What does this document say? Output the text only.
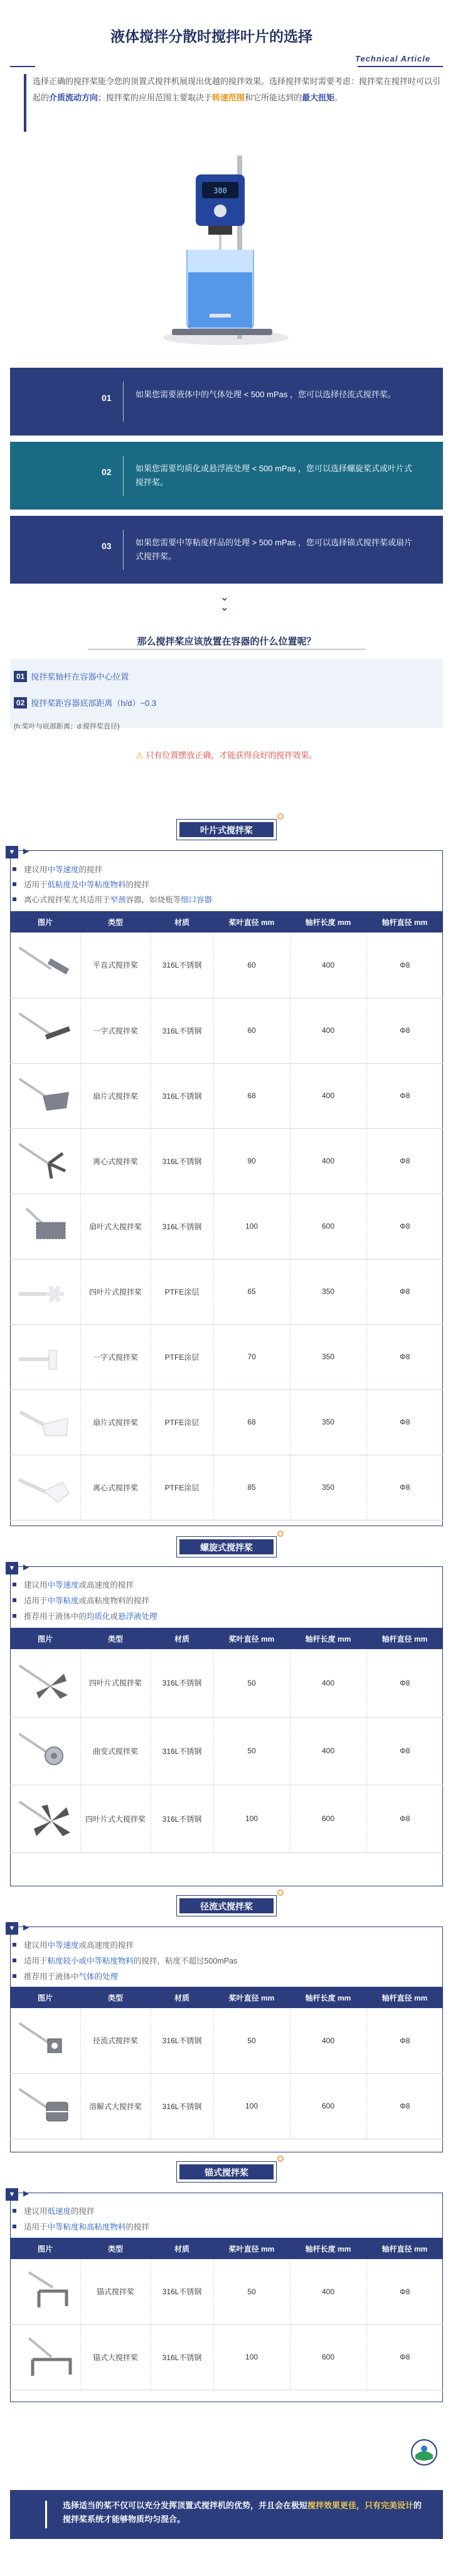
液体搅拌分散时搅拌叶片的选择
Technical Article
选择正确的搅拌桨能令您的顶置式搅拌机展现出优越的搅拌效果。选择搅拌桨时需要考虑：搅拌桨在搅拌时可以引起的介质流动方向；搅拌桨的应用范围主要取决于转速范围和它所能达到的最大扭矩。
300
01	如果您需要液体中的气体处理 < 500 mPas ，您可以选择径流式搅拌桨。
02	如果您需要均质化或悬浮液处理 < 500 mPas ，您可以选择螺旋桨式或叶片式搅拌桨。
03	如果您需要中等粘度样品的处理 > 500 mPas ，您可以选择锚式搅拌桨或扇片式搅拌桨。
⌄
⌄
那么搅拌桨应该放置在容器的什么位置呢？
01 搅拌桨轴杆在容器中心位置
02 搅拌桨距容器底部距离（h/d）~0.3
(h:桨叶与底部距离；d:搅拌桨直径)
⚠ 只有位置摆放正确，才能获得良好的搅拌效果。
叶片式搅拌桨
▼	▶
建议用 中等速度 的搅拌
适用于 低粘度及中等粘度物料 的搅拌
离心式搅拌桨尤其适用于 窄颈 容器，如烧瓶等 细口容器
图片	类型	材质	桨叶直径 mm	轴杆长度 mm	轴杆直径 mm
	平直式搅拌桨	316L不锈钢	60	400	Φ8
	一字式搅拌桨	316L不锈钢	60	400	Φ8
	扇片式搅拌桨	316L不锈钢	68	400	Φ8
	离心式搅拌桨	316L不锈钢	90	400	Φ8
	扇叶式大搅拌桨	316L不锈钢	100	600	Φ8
	四叶片式搅拌桨	PTFE涂层	65	350	Φ8
	一字式搅拌桨	PTFE涂层	70	350	Φ8
	扇片式搅拌桨	PTFE涂层	68	350	Φ8
	离心式搅拌桨	PTFE涂层	85	350	Φ8
螺旋式搅拌桨
▼	▶
建议用 中等速度 或高速度的搅拌
适用于 中等粘度 或高粘度物料的搅拌
推荐用于液体中的 均质化 或 悬浮液处理
图片	类型	材质	桨叶直径 mm	轴杆长度 mm	轴杆直径 mm
	四叶片式搅拌桨	316L不锈钢	50	400	Φ8
	曲变式搅拌桨	316L不锈钢	50	400	Φ8
	四叶片式大搅拌桨	316L不锈钢	100	600	Φ8
径流式搅拌桨
▼	▶
建议用 中等速度 或高速度的搅拌
适用于 粘度较小或中等粘度物料 的搅拌，粘度不超过500mPas
推荐用于液体中 气体的处理
图片	类型	材质	桨叶直径 mm	轴杆长度 mm	轴杆直径 mm
	径流式搅拌桨	316L不锈钢	50	400	Φ8
	溶解式大搅拌桨	316L不锈钢	100	600	Φ8
锚式搅拌桨
▼	▶
建议用 低速度 的搅拌
适用于 中等粘度和高粘度物料 的搅拌
图片	类型	材质	桨叶直径 mm	轴杆长度 mm	轴杆直径 mm
	锚式搅拌桨	316L不锈钢	50	400	Φ8
	锚式大搅拌桨	316L不锈钢	100	600	Φ8
选择适当的桨不仅可以充分发挥顶置式搅拌机的优势，并且会在极短搅拌效果更佳，只有完美设计的搅拌桨系统才能够物质均匀混合。
